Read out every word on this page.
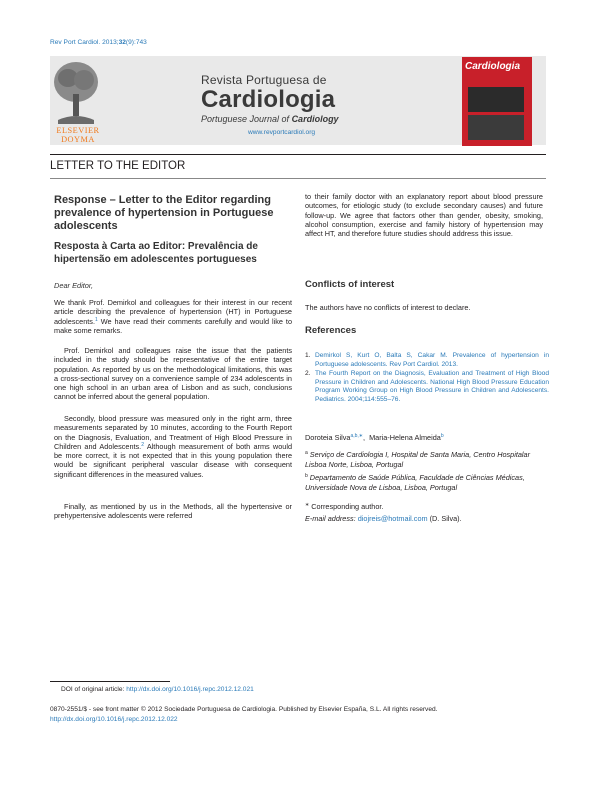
Rev Port Cardiol. 2013;32(9):743
ELSEVIER
DOYMA
Revista Portuguesa de
Cardiologia
Portuguese Journal of Cardiology
www.revportcardiol.org
Cardiologia
LETTER TO THE EDITOR
Response – Letter to the Editor regarding prevalence of hypertension in Portuguese adolescents
Resposta à Carta ao Editor: Prevalência de hipertensão em adolescentes portugueses
Dear Editor,
We thank Prof. Demirkol and colleagues for their interest in our recent article describing the prevalence of hypertension (HT) in Portuguese adolescents.$^1$ We have read their comments carefully and would like to make some remarks.
Prof. Demirkol and colleagues raise the issue that the patients included in the study should be representative of the entire target population. As reported by us on the methodological limitations, this was a cross-sectional survey on a convenience sample of 234 adolescents in one high school in an urban area of Lisbon and as such, conclusions cannot be inferred about the general population.
Secondly, blood pressure was measured only in the right arm, three measurements separated by 10 minutes, according to the Fourth Report on the Diagnosis, Evaluation, and Treatment of High Blood Pressure in Children and Adolescents.$^2$ Although measurement of both arms would be more correct, it is not expected that in this young population there would be significant peripheral vascular disease with consequent significant differences in the measured values.
Finally, as mentioned by us in the Methods, all the hypertensive or prehypertensive adolescents were referred
to their family doctor with an explanatory report about blood pressure outcomes, for etiologic study (to exclude secondary causes) and future follow-up. We agree that factors other than gender, obesity, smoking, alcohol consumption, exercise and family history of hypertension may affect HT, and therefore future studies should address this issue.
Conflicts of interest
The authors have no conflicts of interest to declare.
References
1. Demirkol S, Kurt O, Balta S, Cakar M. Prevalence of hypertension in Portuguese adolescents. Rev Port Cardiol. 2013.
2. The Fourth Report on the Diagnosis, Evaluation and Treatment of High Blood Pressure in Children and Adolescents. National High Blood Pressure Education Program Working Group on High Blood Pressure in Children and Adolescents. Pediatrics. 2004;114:555–76.
Doroteia Silva$^{a,b,∗}$,  Maria-Helena Almeida$^b$
$^a$ Serviço de Cardiologia I, Hospital de Santa Maria, Centro Hospitalar Lisboa Norte, Lisboa, Portugal
$^b$ Departamento de Saúde Pública, Faculdade de Ciências Médicas, Universidade Nova de Lisboa, Lisboa, Portugal
∗ Corresponding author.
E-mail address: diojreis@hotmail.com (D. Silva).
DOI of original article: http://dx.doi.org/10.1016/j.repc.2012.12.021
0870-2551/$ - see front matter © 2012 Sociedade Portuguesa de Cardiologia. Published by Elsevier España, S.L. All rights reserved.
http://dx.doi.org/10.1016/j.repc.2012.12.022
